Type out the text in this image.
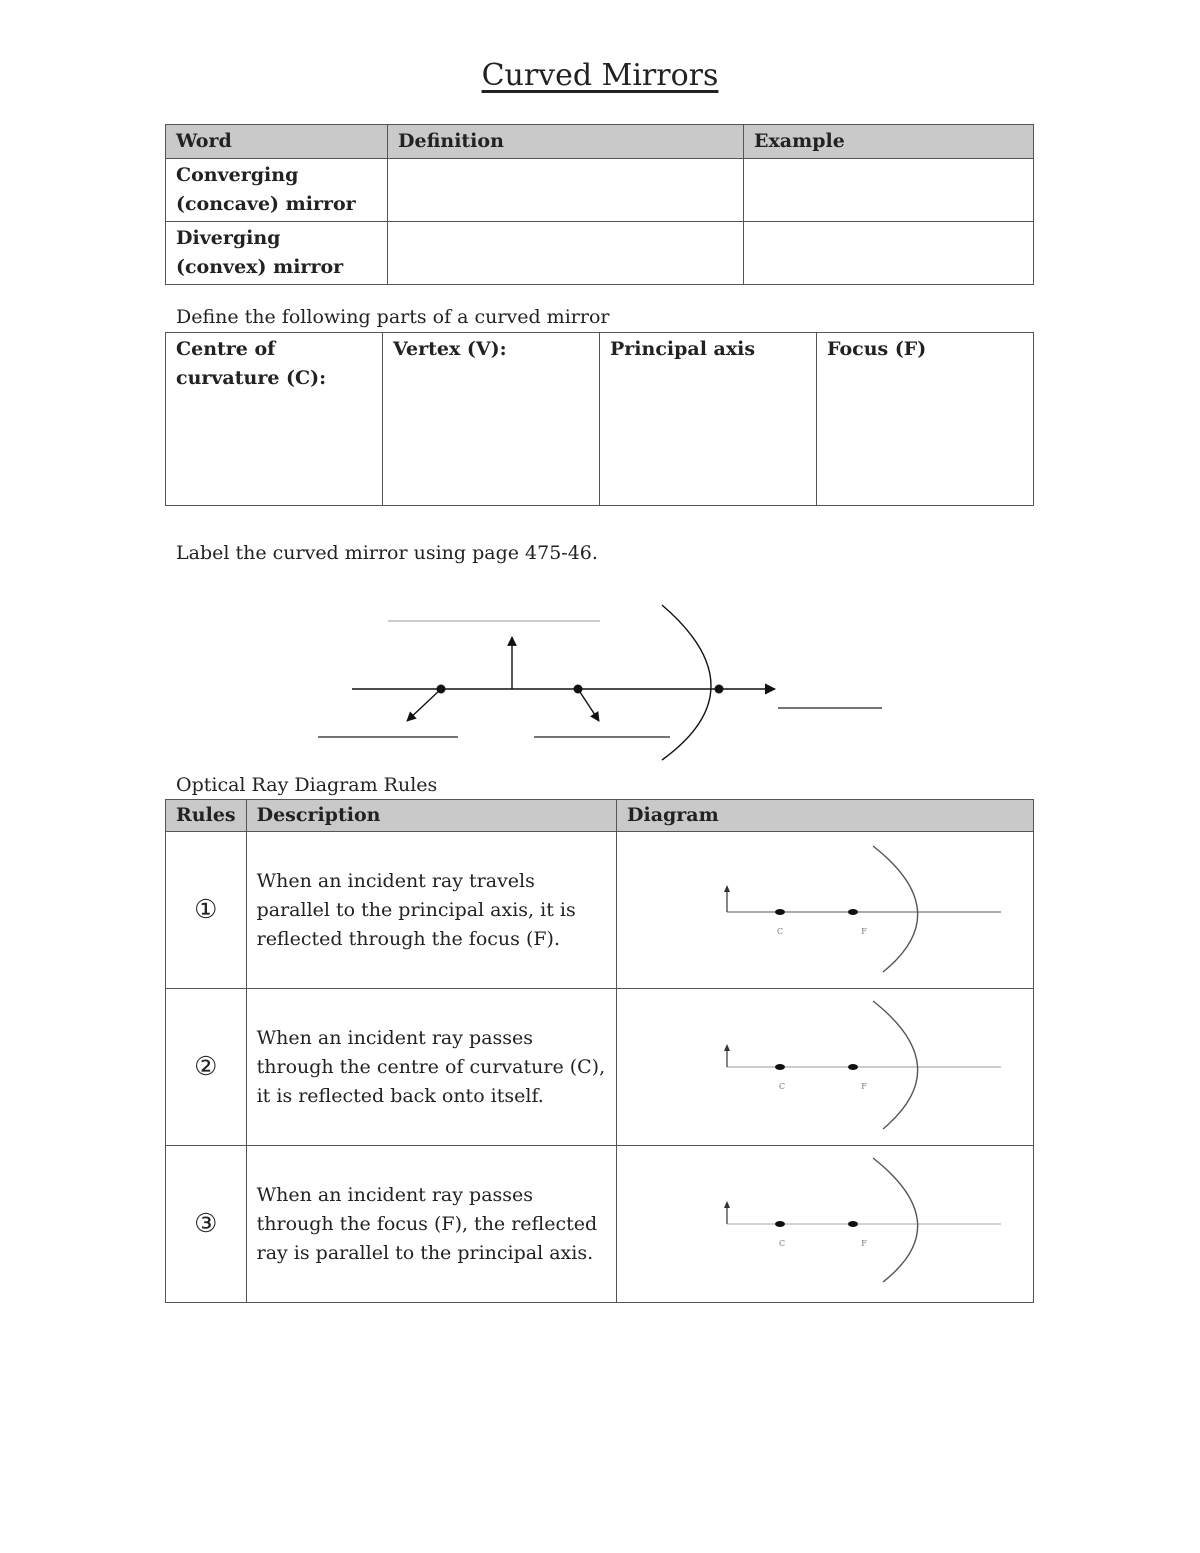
Curved Mirrors
Word	Definition	Example
Converging (concave) mirror		
Diverging (convex) mirror		
Define the following parts of a curved mirror
Centre of curvature (C):	Vertex (V):	Principal axis	Focus (F)
Label the curved mirror using page 475-46.
Optical Ray Diagram Rules
Rules	Description	Diagram
①	When an incident ray travels parallel to the principal axis, it is reflected through the focus (F).	C F

②	When an incident ray passes through the centre of curvature (C), it is reflected back onto itself.	C F

③	When an incident ray passes through the focus (F), the reflected ray is parallel to the principal axis.	C F
